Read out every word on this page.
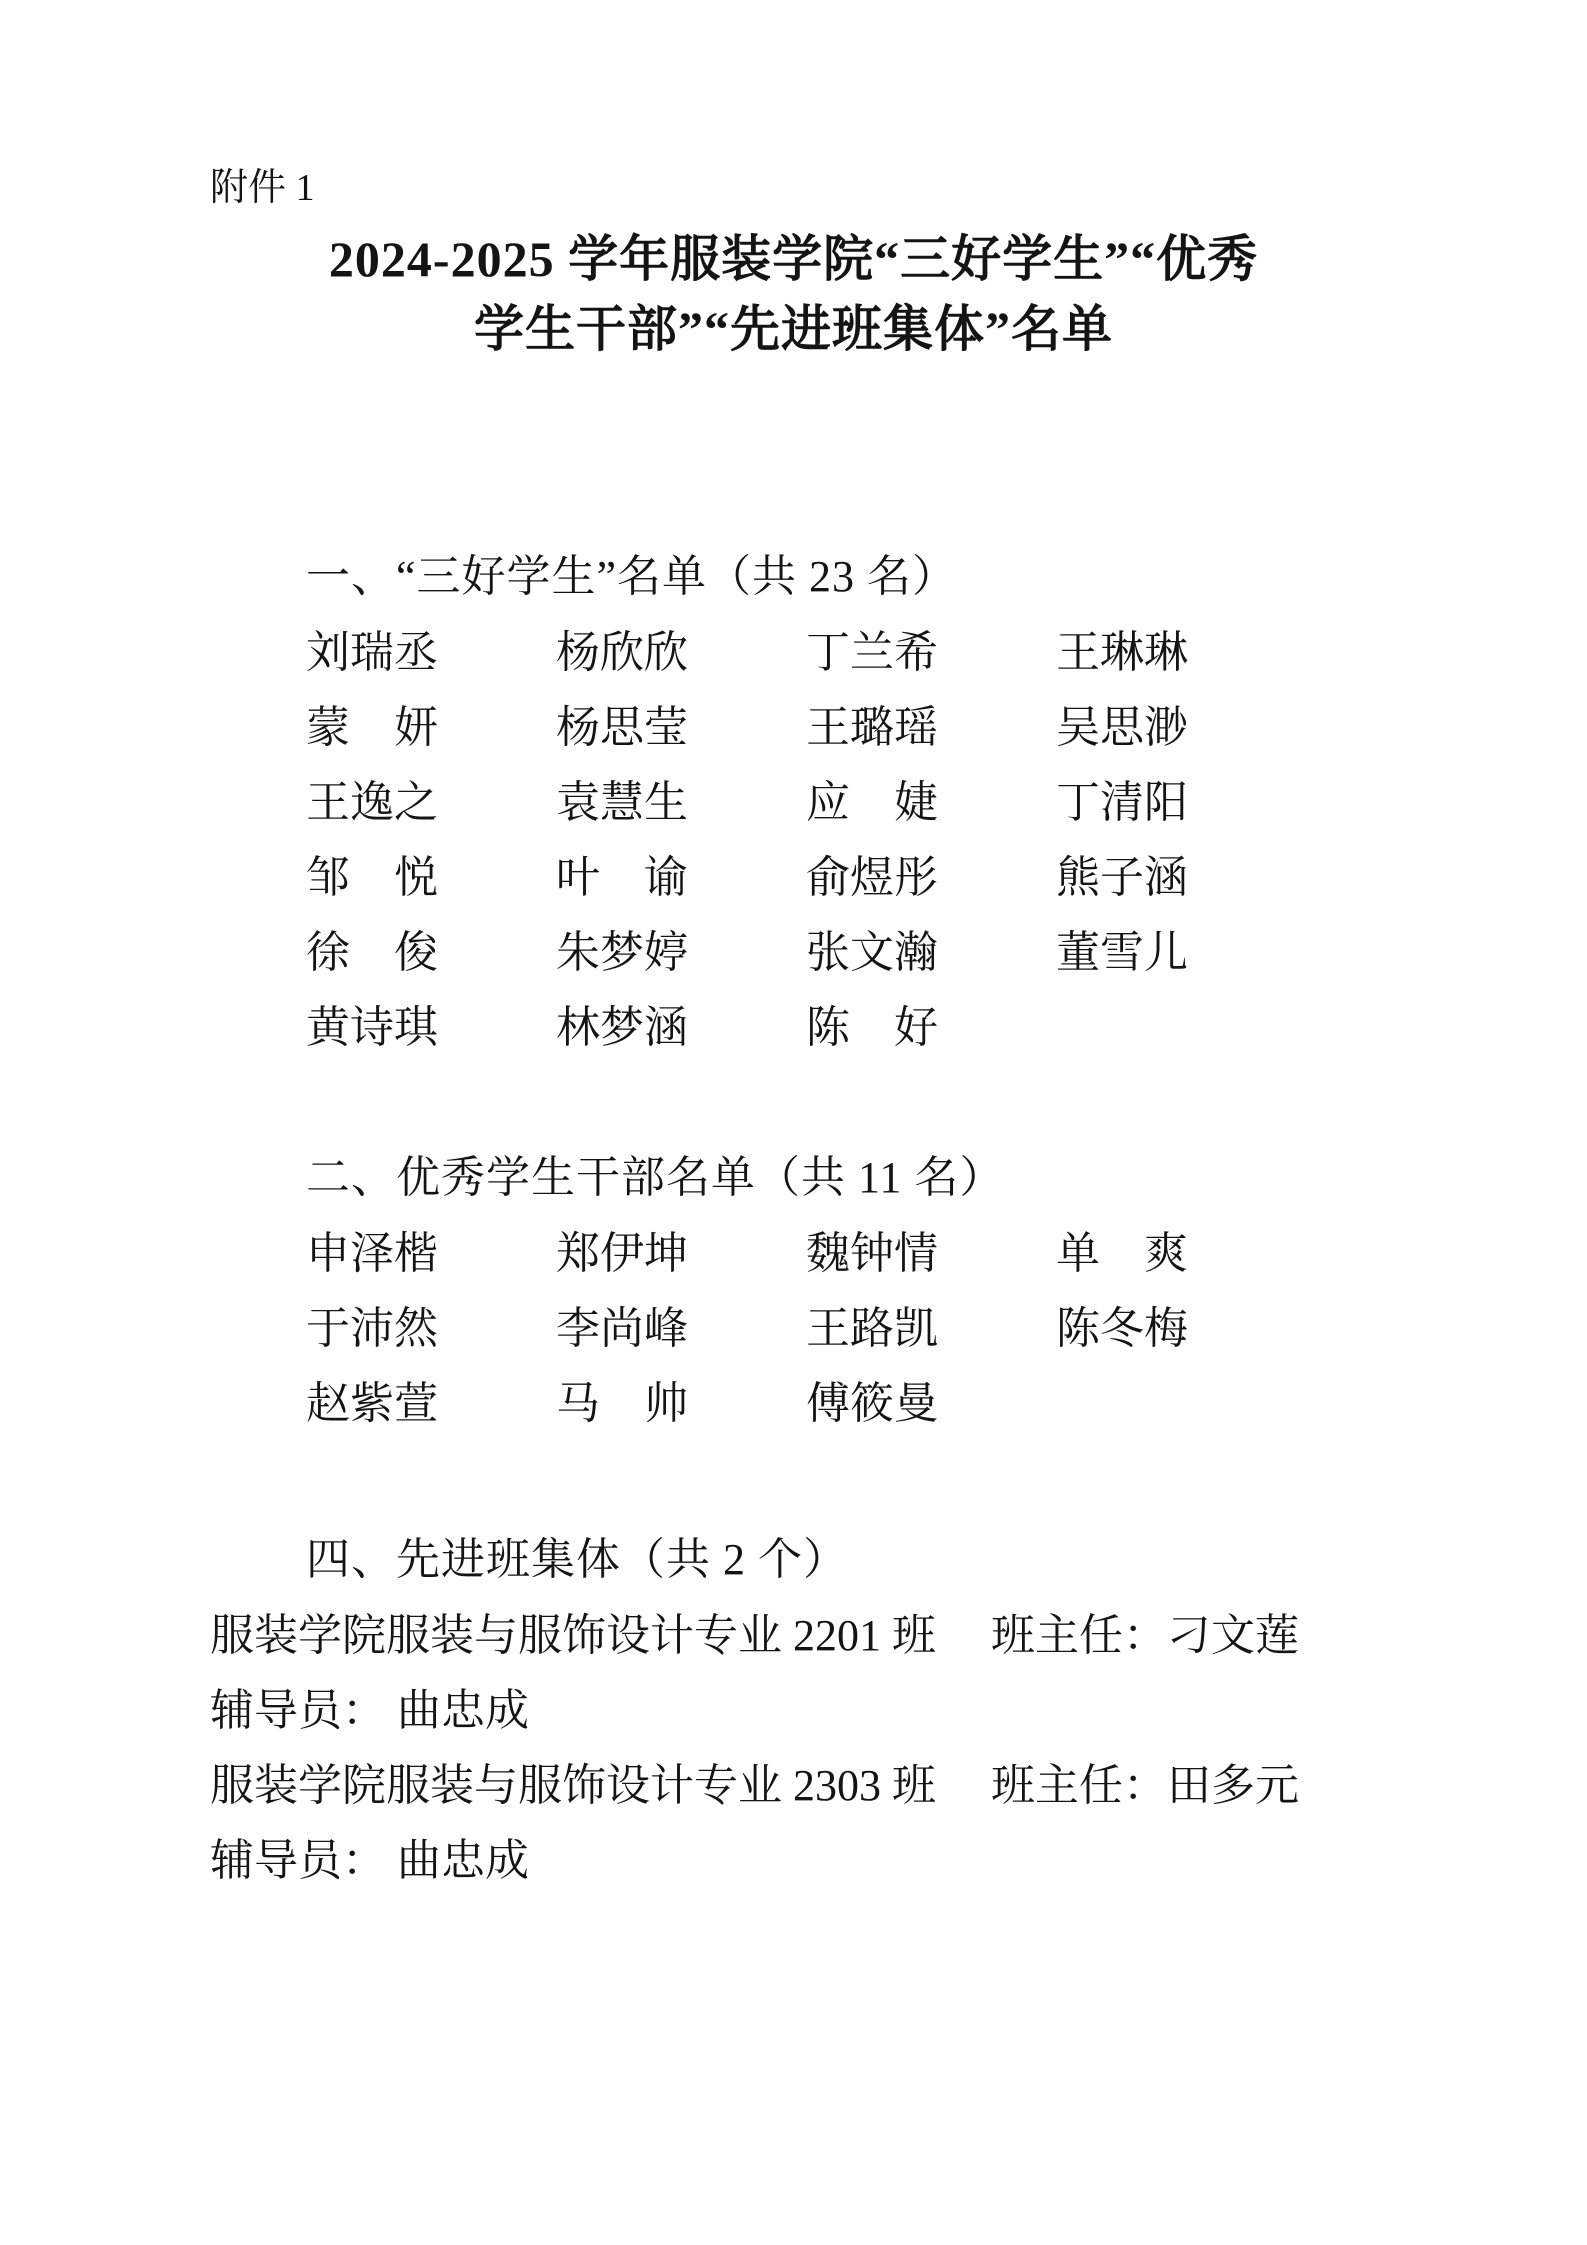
附件 1
2024-2025 学年服装学院“三好学生”“优秀
学生干部”“先进班集体”名单
一、“三好学生”名单（共 23 名）
刘瑞丞	杨欣欣	丁兰希	王琳琳
蒙　妍	杨思莹	王璐瑶	吴思渺
王逸之	袁慧生	应　婕	丁清阳
邹　悦	叶　谕	俞煜彤	熊子涵
徐　俊	朱梦婷	张文瀚	董雪儿
黄诗琪	林梦涵	陈　好
二、优秀学生干部名单（共 11 名）
申泽楷	郑伊坤	魏钟情	单　爽
于沛然	李尚峰	王路凯	陈冬梅
赵紫萱	马　帅	傅筱曼
四、先进班集体（共 2 个）
服装学院服装与服饰设计专业 2201 班　 班主任：刁文莲
辅导员： 曲忠成
服装学院服装与服饰设计专业 2303 班　 班主任：田多元
辅导员： 曲忠成
